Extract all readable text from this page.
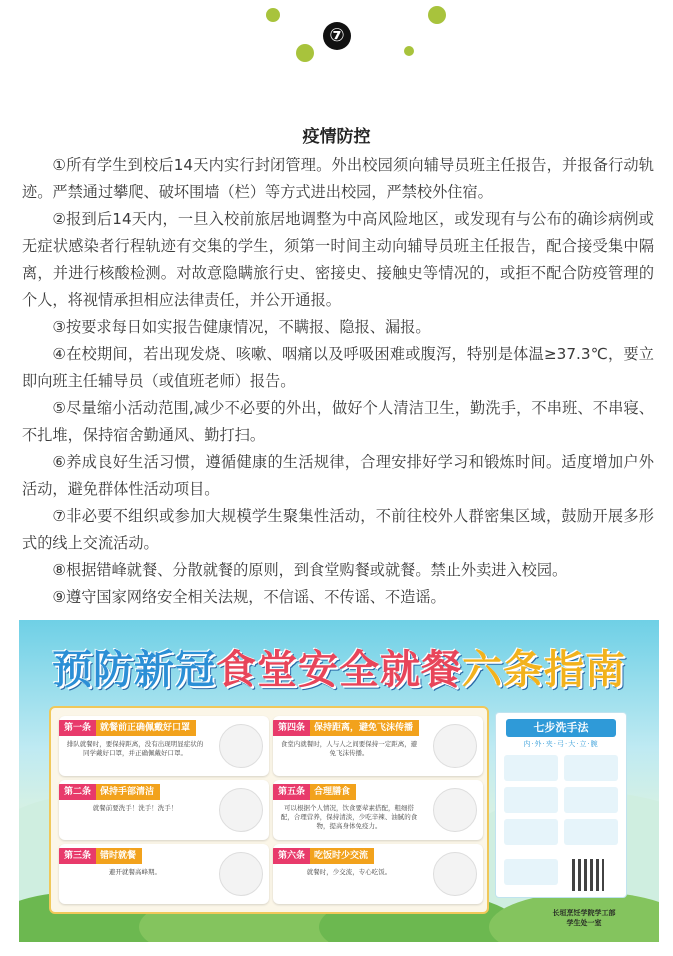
⑦
疫情防控

①所有学生到校后14天内实行封闭管理。外出校园须向辅导员班主任报告，并报备行动轨迹。严禁通过攀爬、破坏围墙（栏）等方式进出校园，严禁校外住宿。

②报到后14天内，一旦入校前旅居地调整为中高风险地区，或发现有与公布的确诊病例或无症状感染者行程轨迹有交集的学生，须第一时间主动向辅导员班主任报告，配合接受集中隔离，并进行核酸检测。对故意隐瞒旅行史、密接史、接触史等情况的，或拒不配合防疫管理的个人，将视情承担相应法律责任，并公开通报。

③按要求每日如实报告健康情况，不瞒报、隐报、漏报。

④在校期间，若出现发烧、咳嗽、咽痛以及呼吸困难或腹泻，特别是体温≥37.3℃，要立即向班主任辅导员（或值班老师）报告。

⑤尽量缩小活动范围,减少不必要的外出，做好个人清洁卫生，勤洗手，不串班、不串寝、不扎堆，保持宿舍勤通风、勤打扫。

⑥养成良好生活习惯，遵循健康的生活规律，合理安排好学习和锻炼时间。适度增加户外活动，避免群体性活动项目。

⑦非必要不组织或参加大规模学生聚集性活动，不前往校外人群密集区域，鼓励开展多形式的线上交流活动。

⑧根据错峰就餐、分散就餐的原则，到食堂购餐或就餐。禁止外卖进入校园。

⑨遵守国家网络安全相关法规，不信谣、不传谣、不造谣。

预防新冠食堂安全就餐六条指南
第一条 就餐前正确佩戴好口罩
排队就餐时，要保持距离，没有出现明显症状的同学戴好口罩，并正确佩戴好口罩。
第二条 保持手部清洁
就餐前要洗手！洗手！洗手！
第三条 错时就餐
避开就餐高峰期。
第四条 保持距离，避免飞沫传播
食堂内就餐时，人与人之间要保持一定距离，避免飞沫传播。
第五条 合理膳食
可以根据个人情况，饮食要荤素搭配，粗细搭配，合理营养，保持清淡，少吃辛辣、油腻的食物，提高身体免疫力。
第六条 吃饭时少交流
就餐时，少交流，专心吃饭。
七步洗手法
内·外·夹·弓·大·立·腕
长垣烹饪学院学工部
学生处一室
